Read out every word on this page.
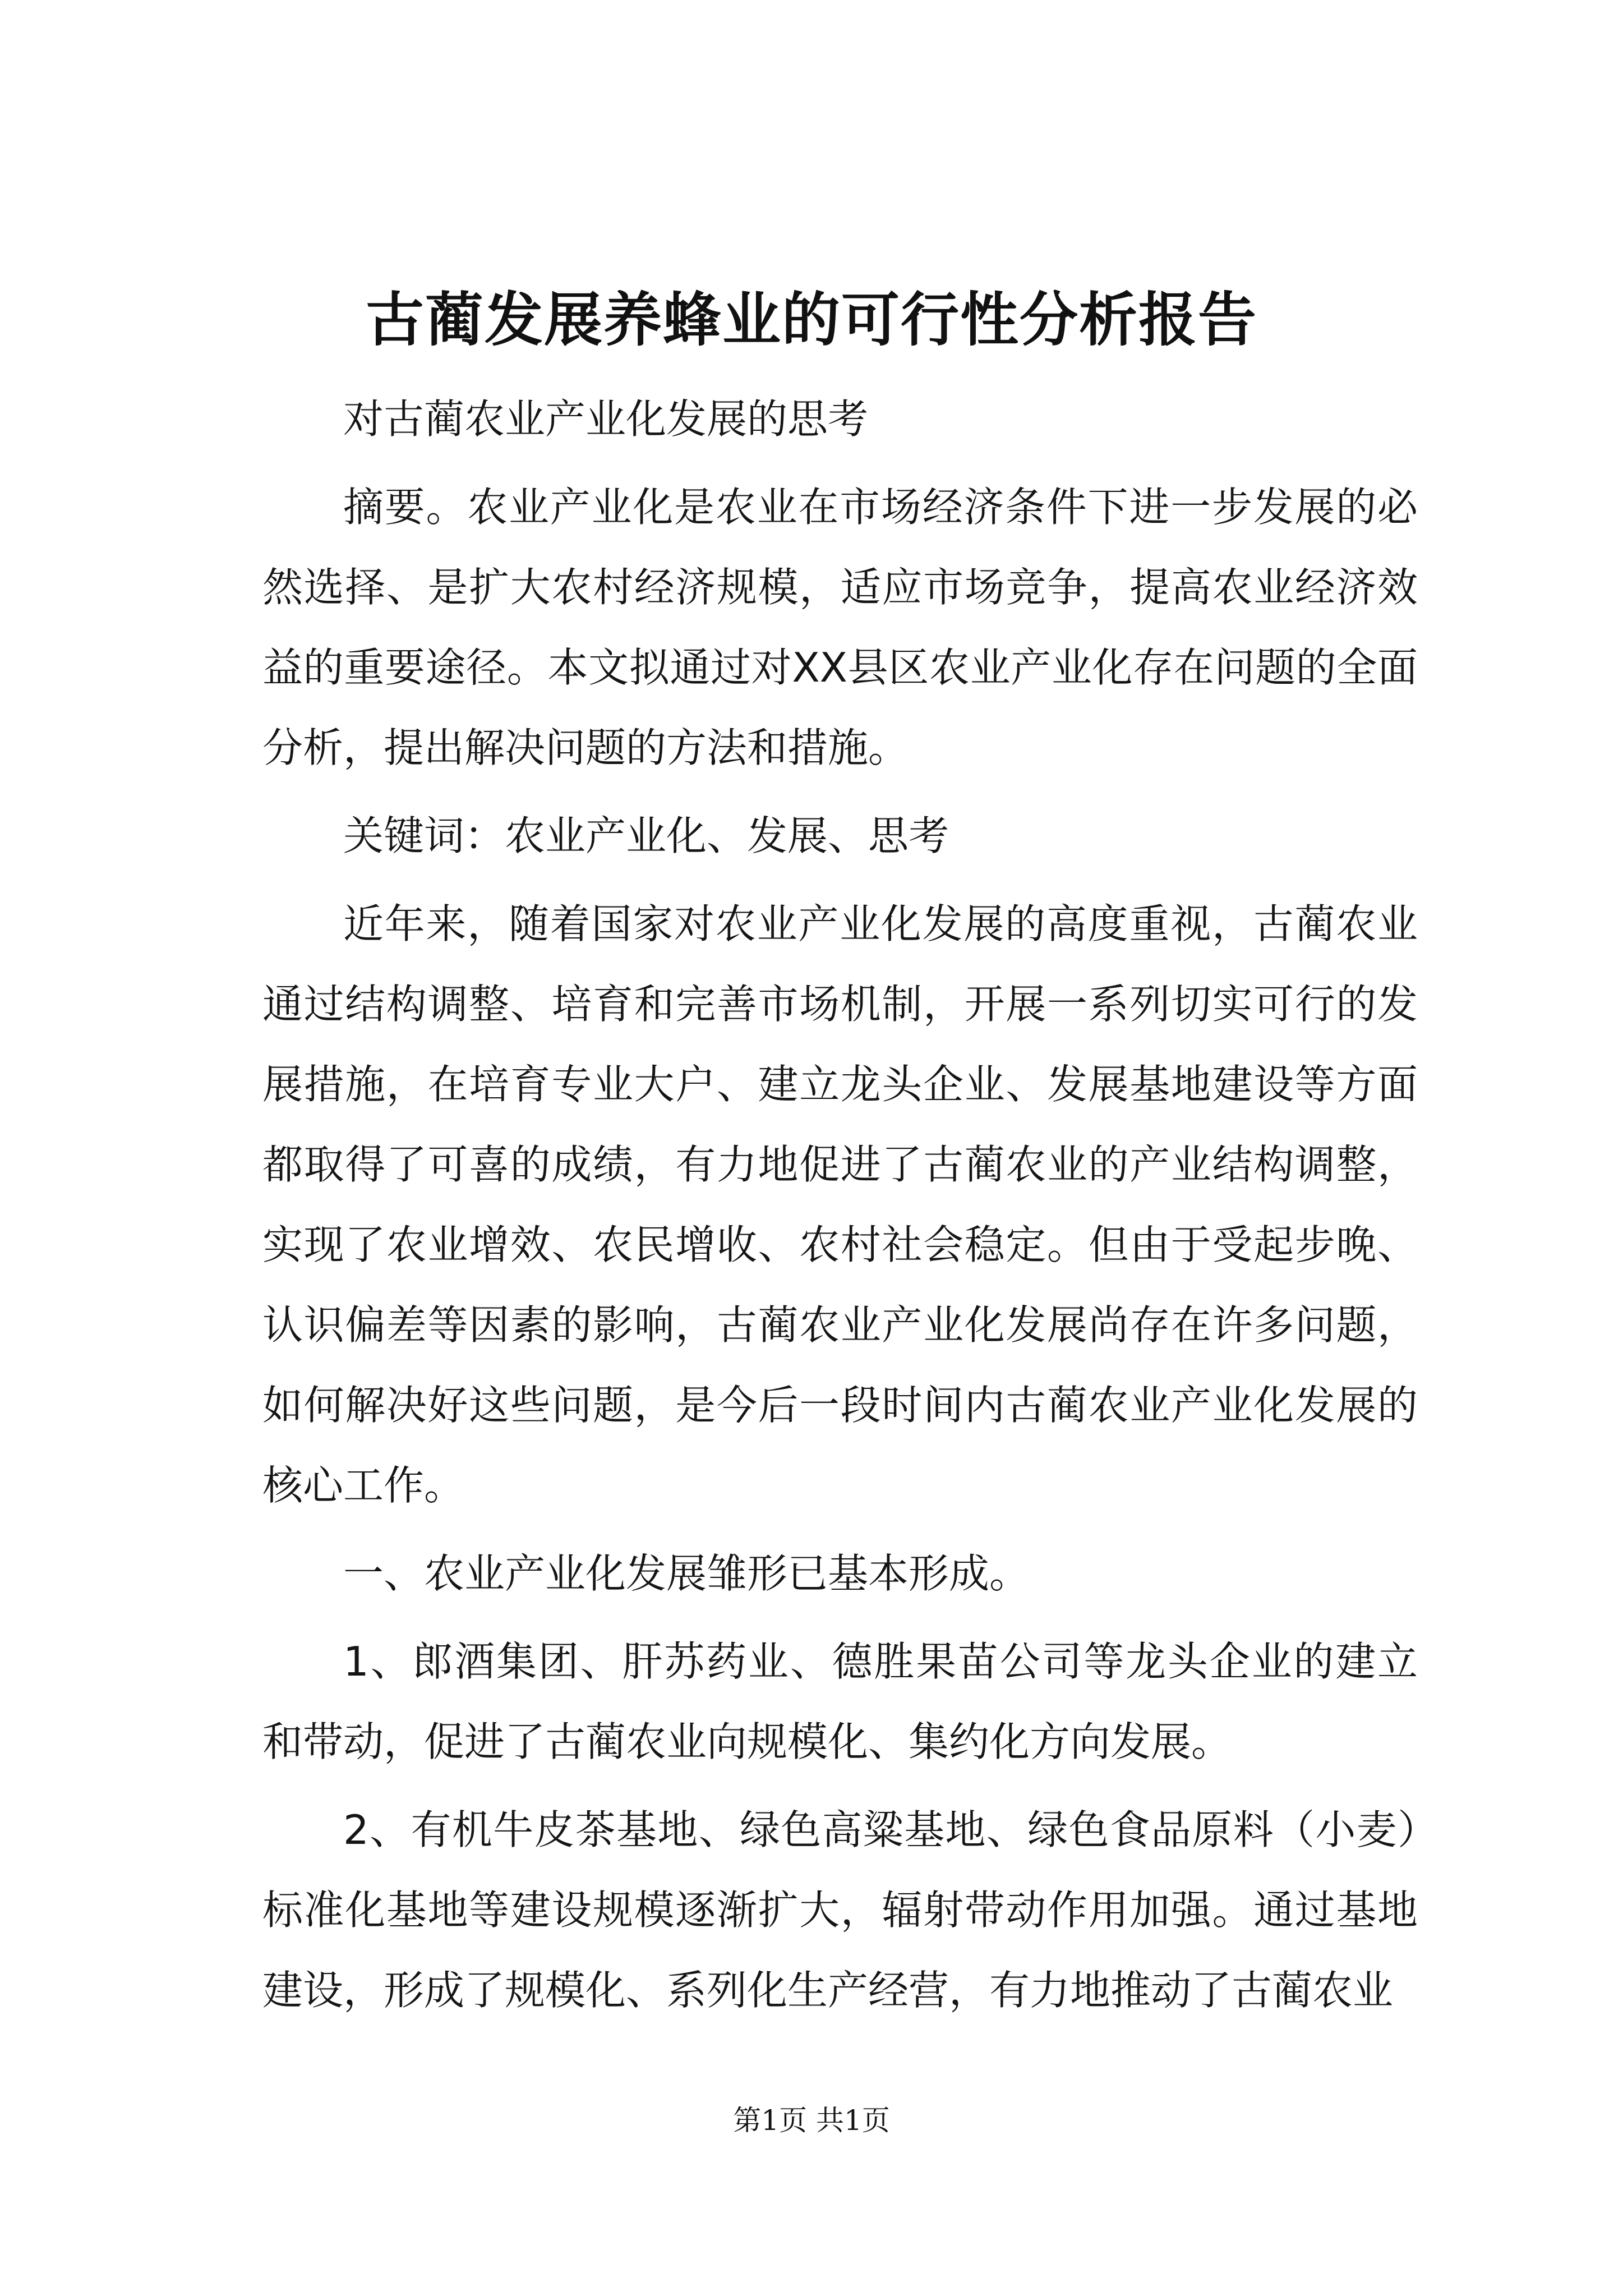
古蔺发展养蜂业的可行性分析报告

对古蔺农业产业化发展的思考

摘要。农业产业化是农业在市场经济条件下进一步发展的必然选择、是扩大农村经济规模，适应市场竞争，提高农业经济效益的重要途径。本文拟通过对XX县区农业产业化存在问题的全面分析，提出解决问题的方法和措施。

关键词：农业产业化、发展、思考

近年来，随着国家对农业产业化发展的高度重视，古蔺农业通过结构调整、培育和完善市场机制，开展一系列切实可行的发展措施，在培育专业大户、建立龙头企业、发展基地建设等方面都取得了可喜的成绩，有力地促进了古蔺农业的产业结构调整，实现了农业增效、农民增收、农村社会稳定。但由于受起步晚、认识偏差等因素的影响，古蔺农业产业化发展尚存在许多问题，如何解决好这些问题，是今后一段时间内古蔺农业产业化发展的核心工作。

一、农业产业化发展雏形已基本形成。

1、郎酒集团、肝苏药业、德胜果苗公司等龙头企业的建立和带动，促进了古蔺农业向规模化、集约化方向发展。

2、有机牛皮茶基地、绿色高粱基地、绿色食品原料（小麦）标准化基地等建设规模逐渐扩大，辐射带动作用加强。通过基地建设，形成了规模化、系列化生产经营，有力地推动了古蔺农业

第1页 共1页
